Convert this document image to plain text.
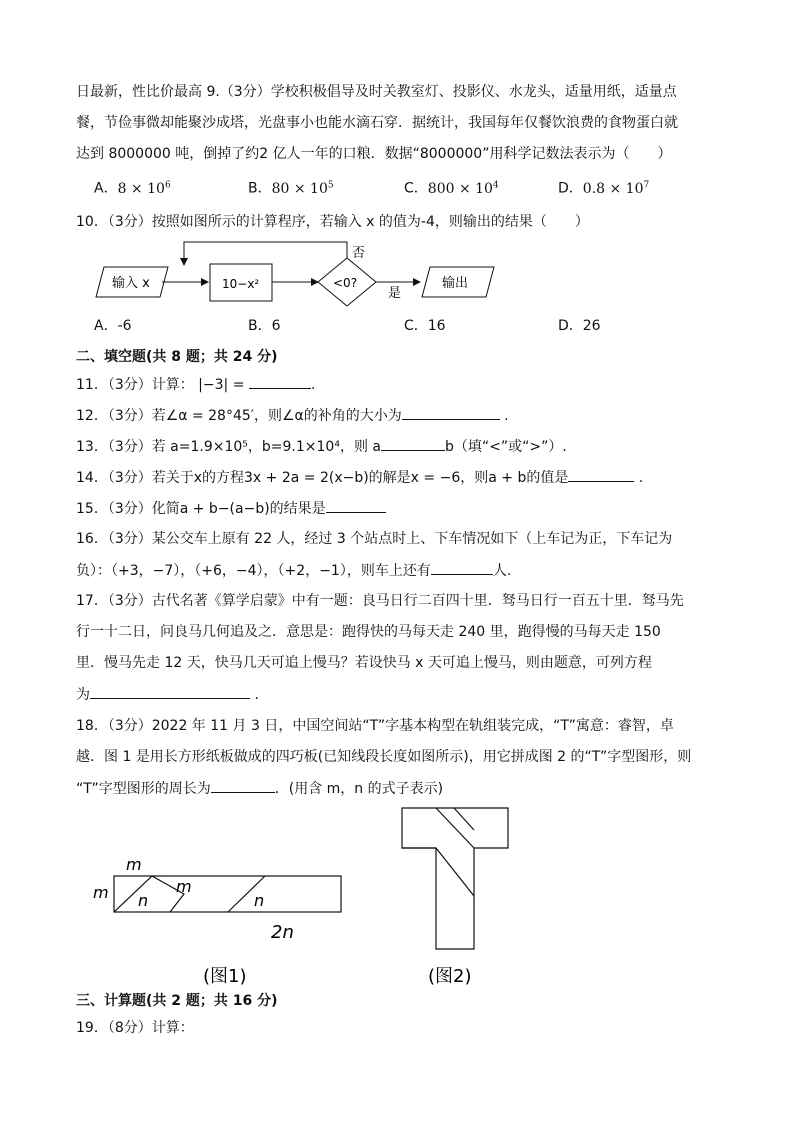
日最新，性比价最高 9.（3分）学校积极倡导及时关教室灯、投影仪、水龙头，适量用纸，适量点
餐，节俭事微却能聚沙成塔，光盘事小也能水滴石穿．据统计，我国每年仅餐饮浪费的食物蛋白就
达到 8000000 吨，倒掉了约2 亿人一年的口粮．数据“8000000”用科学记数法表示为（　　）
A．$8 \times 10^6$	B．$80 \times 10^5$	C．$800 \times 10^4$	D．$0.8 \times 10^7$
10．（3分）按照如图所示的计算程序，若输入 x 的值为-4，则输出的结果（　　）
输入 x	10−x²	<0?
否
是
输出
A．-6	B．6	C．16	D．26
二、填空题(共 8 题；共 24 分)
11．（3分）计算： |−3| =	.
12．（3分）若∠α = 28°45′，则∠α的补角的大小为	.
13．（3分）若 a=1.9×10⁵，b=9.1×10⁴，则 a	b（填“<”或“>”）.
14．（3分）若关于x的方程3x + 2a = 2(x−b)的解是x = −6，则a + b的值是	.
15．（3分）化简a + b−(a−b)的结果是
16．（3分）某公交车上原有 22 人，经过 3 个站点时上、下车情况如下（上车记为正，下车记为
负）：（+3，−7），（+6，−4），（+2，−1），则车上还有	人.
17．（3分）古代名著《算学启蒙》中有一题：良马日行二百四十里．驽马日行一百五十里．驽马先
行一十二日，问良马几何追及之．意思是：跑得快的马每天走 240 里，跑得慢的马每天走 150
里．慢马先走 12 天，快马几天可追上慢马？若设快马 x 天可追上慢马，则由题意，可列方程
为	.
18．（3分）2022 年 11 月 3 日，中国空间站“T”字基本构型在轨组装完成，“T”寓意：睿智，卓
越．图 1 是用长方形纸板做成的四巧板(已知线段长度如图所示)，用它拼成图 2 的“T”字型图形，则
“T”字型图形的周长为	．(用含 m，n 的式子表示)
m
m	m
n	n
2n
(图1)	(图2)
三、计算题(共 2 题；共 16 分)
19．（8分）计算：
